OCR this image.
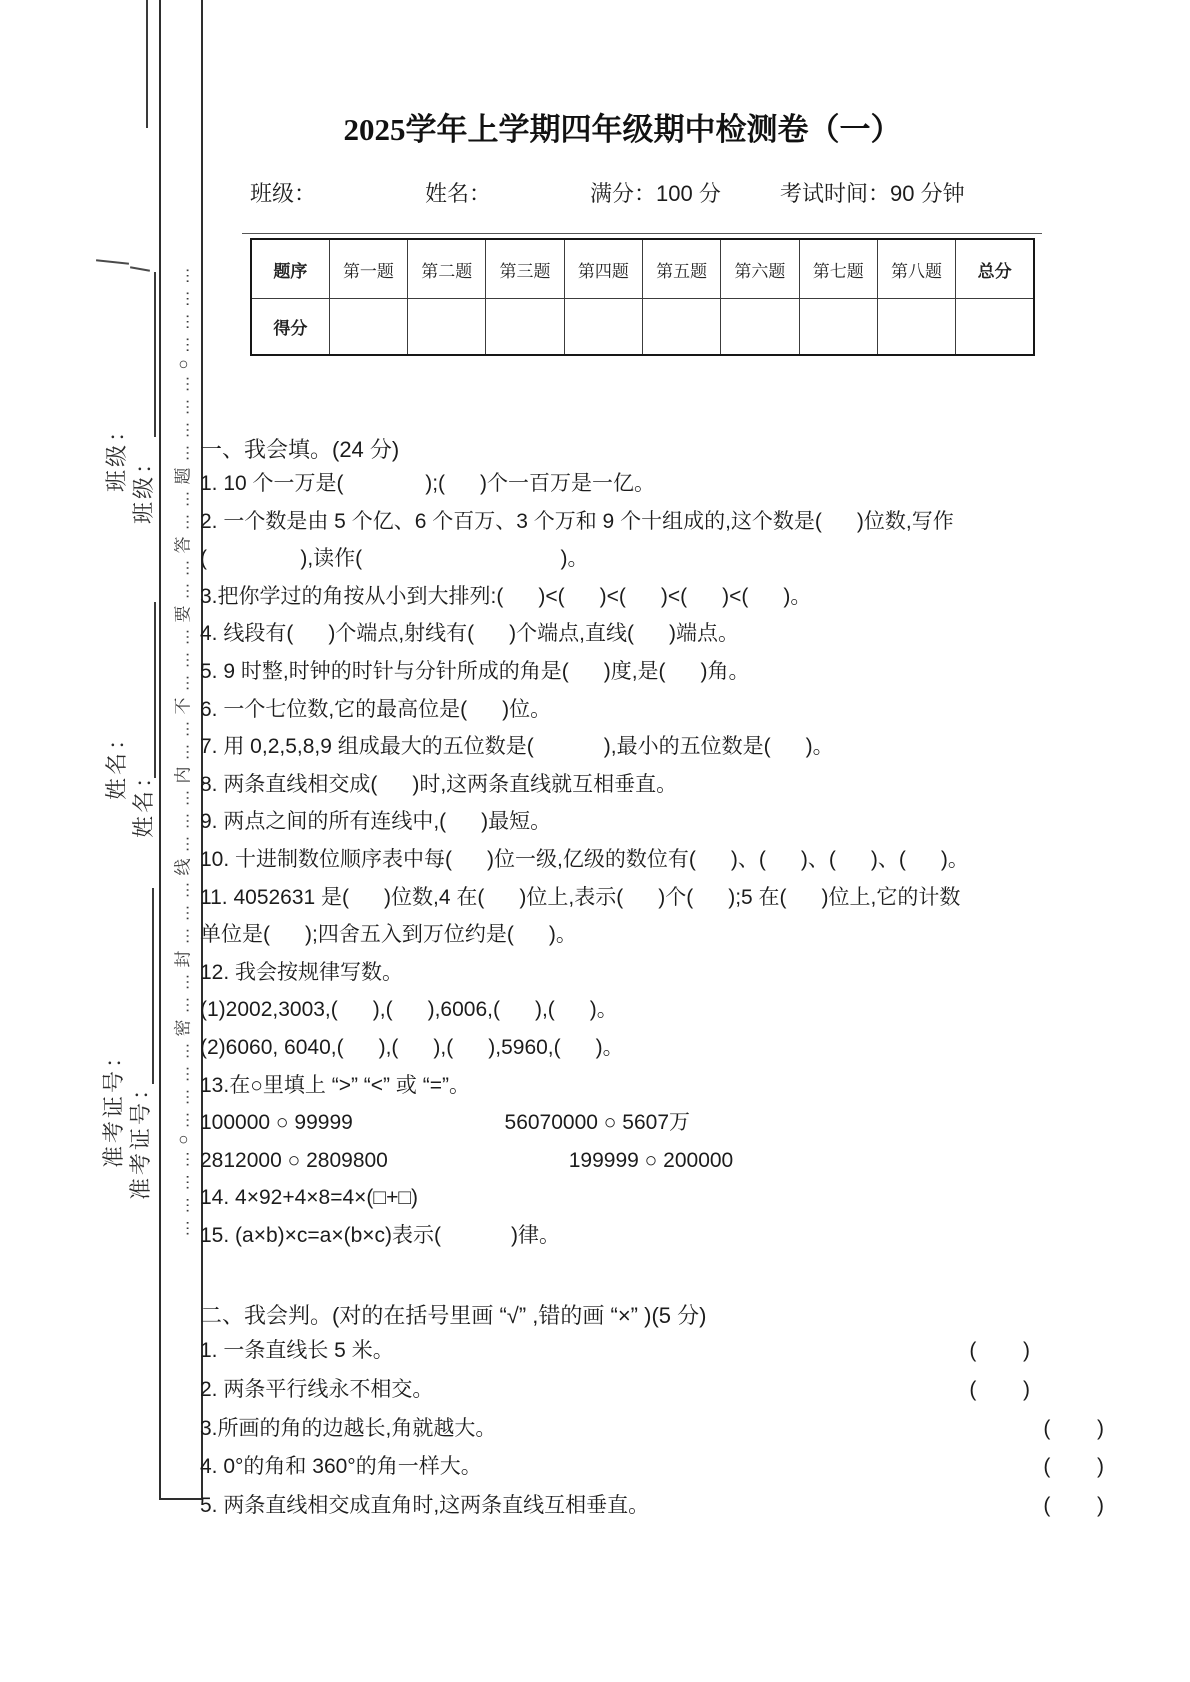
班级： 班级：
姓名：
姓名：
准考证号： 准考证号： …………○…………密……封………线………内……不………要……答……题…………○…………
2025学年上学期四年级期中检测卷（一）
班级：	姓名：	满分：100 分	考试时间：90 分钟
题序	第一题	第二题	第三题	第四题	第五题	第六题	第七题	第八题	总分
得分									
一、我会填。(24 分)
1. 10 个一万是(              );(      )个一百万是一亿。
2. 一个数是由 5 个亿、6 个百万、3 个万和 9 个十组成的,这个数是(      )位数,写作
(                ),读作(                                  )。
3.把你学过的角按从小到大排列:(      )<(      )<(      )<(      )<(      )。
4. 线段有(      )个端点,射线有(      )个端点,直线(      )端点。
5. 9 时整,时钟的时针与分针所成的角是(      )度,是(      )角。
6. 一个七位数,它的最高位是(      )位。
7. 用 0,2,5,8,9 组成最大的五位数是(            ),最小的五位数是(      )。
8. 两条直线相交成(      )时,这两条直线就互相垂直。
9. 两点之间的所有连线中,(      )最短。
10. 十进制数位顺序表中每(      )位一级,亿级的数位有(      )、(      )、(      )、(      )。
11. 4052631 是(      )位数,4 在(      )位上,表示(      )个(      );5 在(      )位上,它的计数
单位是(      );四舍五入到万位约是(      )。
12. 我会按规律写数。
(1)2002,3003,(      ),(      ),6006,(      ),(      )。
(2)6060, 6040,(      ),(      ),(      ),5960,(      )。
13.在○里填上 “>” “<” 或 “=”。
100000 ○ 99999                          56070000 ○ 5607万
2812000 ○ 2809800                               199999 ○ 200000
14. 4×92+4×8=4×(□+□)
15. (a×b)×c=a×(b×c)表示(            )律。
二、我会判。(对的在括号里画 “√” ,错的画 “×” )(5 分)
1. 一条直线长 5 米。	(        )
2. 两条平行线永不相交。	(        )
3.所画的角的边越长,角就越大。	(        )
4. 0°的角和 360°的角一样大。	(        )
5. 两条直线相交成直角时,这两条直线互相垂直。	(        )
